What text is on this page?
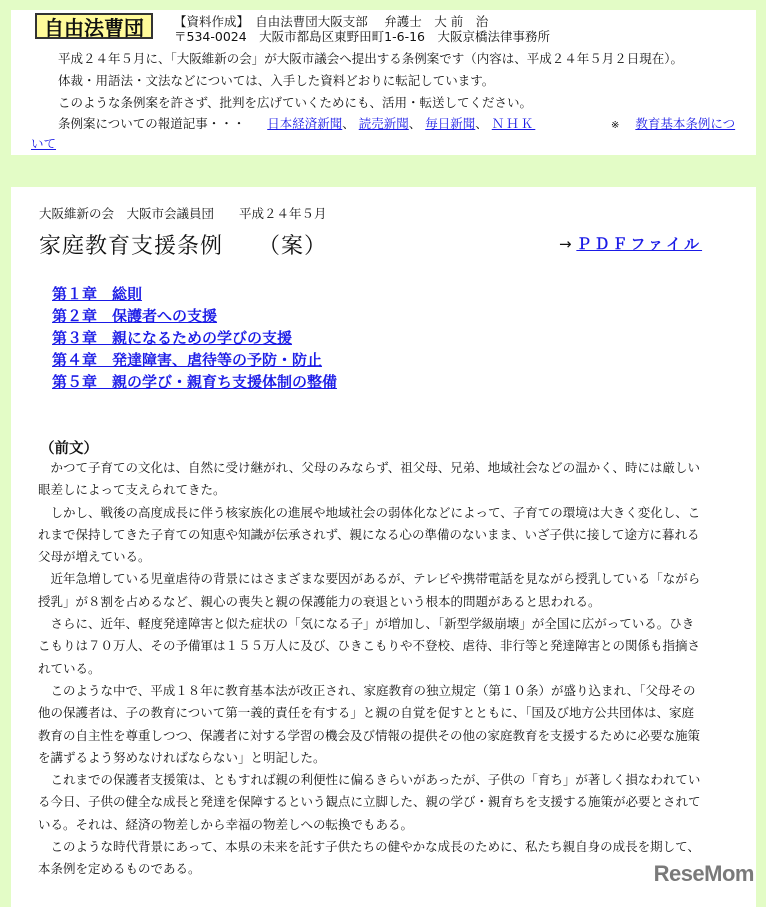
自由法曹団 【資料作成】　自由法曹団大阪支部　 弁護士　大 前　治
〒534-0024　大阪市都島区東野田町1-6-16　大阪京橋法律事務所
平成２４年５月に、「大阪維新の会」が大阪市議会へ提出する条例案です（内容は、平成２４年５月２日現在）。
体裁・用語法・文法などについては、入手した資料どおりに転記しています。
このような条例案を許さず、批判を広げていくためにも、活用・転送してください。
条例案についての報道記事・・・ 日本経済新聞、 読売新聞、 毎日新聞、 ＮＨＫ	※ 教育基本条例につ
いて
大阪維新の会　大阪市会議員団　　平成２４年５月
家庭教育支援条例　　（案）	→ ＰＤＦファイル
第１章　総則
第２章　保護者への支援
第３章　親になるための学びの支援
第４章　発達障害、虐待等の予防・防止
第５章　親の学び・親育ち支援体制の整備
（前文）
　かつて子育ての文化は、自然に受け継がれ、父母のみならず、祖父母、兄弟、地域社会などの温かく、時には厳しい
眼差しによって支えられてきた。
　しかし、戦後の高度成長に伴う核家族化の進展や地域社会の弱体化などによって、子育ての環境は大きく変化し、こ
れまで保持してきた子育ての知恵や知識が伝承されず、親になる心の準備のないまま、いざ子供に接して途方に暮れる
父母が増えている。
　近年急増している児童虐待の背景にはさまざまな要因があるが、テレビや携帯電話を見ながら授乳している「ながら
授乳」が８割を占めるなど、親心の喪失と親の保護能力の衰退という根本的問題があると思われる。
　さらに、近年、軽度発達障害と似た症状の「気になる子」が増加し、「新型学級崩壊」が全国に広がっている。ひき
こもりは７０万人、その予備軍は１５５万人に及び、ひきこもりや不登校、虐待、非行等と発達障害との関係も指摘さ
れている。
　このような中で、平成１８年に教育基本法が改正され、家庭教育の独立規定（第１０条）が盛り込まれ、「父母その
他の保護者は、子の教育について第一義的責任を有する」と親の自覚を促すとともに、「国及び地方公共団体は、家庭
教育の自主性を尊重しつつ、保護者に対する学習の機会及び情報の提供その他の家庭教育を支援するために必要な施策
を講ずるよう努めなければならない」と明記した。
　これまでの保護者支援策は、ともすれば親の利便性に偏るきらいがあったが、子供の「育ち」が著しく損なわれてい
る今日、子供の健全な成長と発達を保障するという観点に立脚した、親の学び・親育ちを支援する施策が必要とされて
いる。それは、経済の物差しから幸福の物差しへの転換でもある。
　このような時代背景にあって、本県の未来を託す子供たちの健やかな成長のために、私たち親自身の成長を期して、
本条例を定めるものである。	ReseMom
